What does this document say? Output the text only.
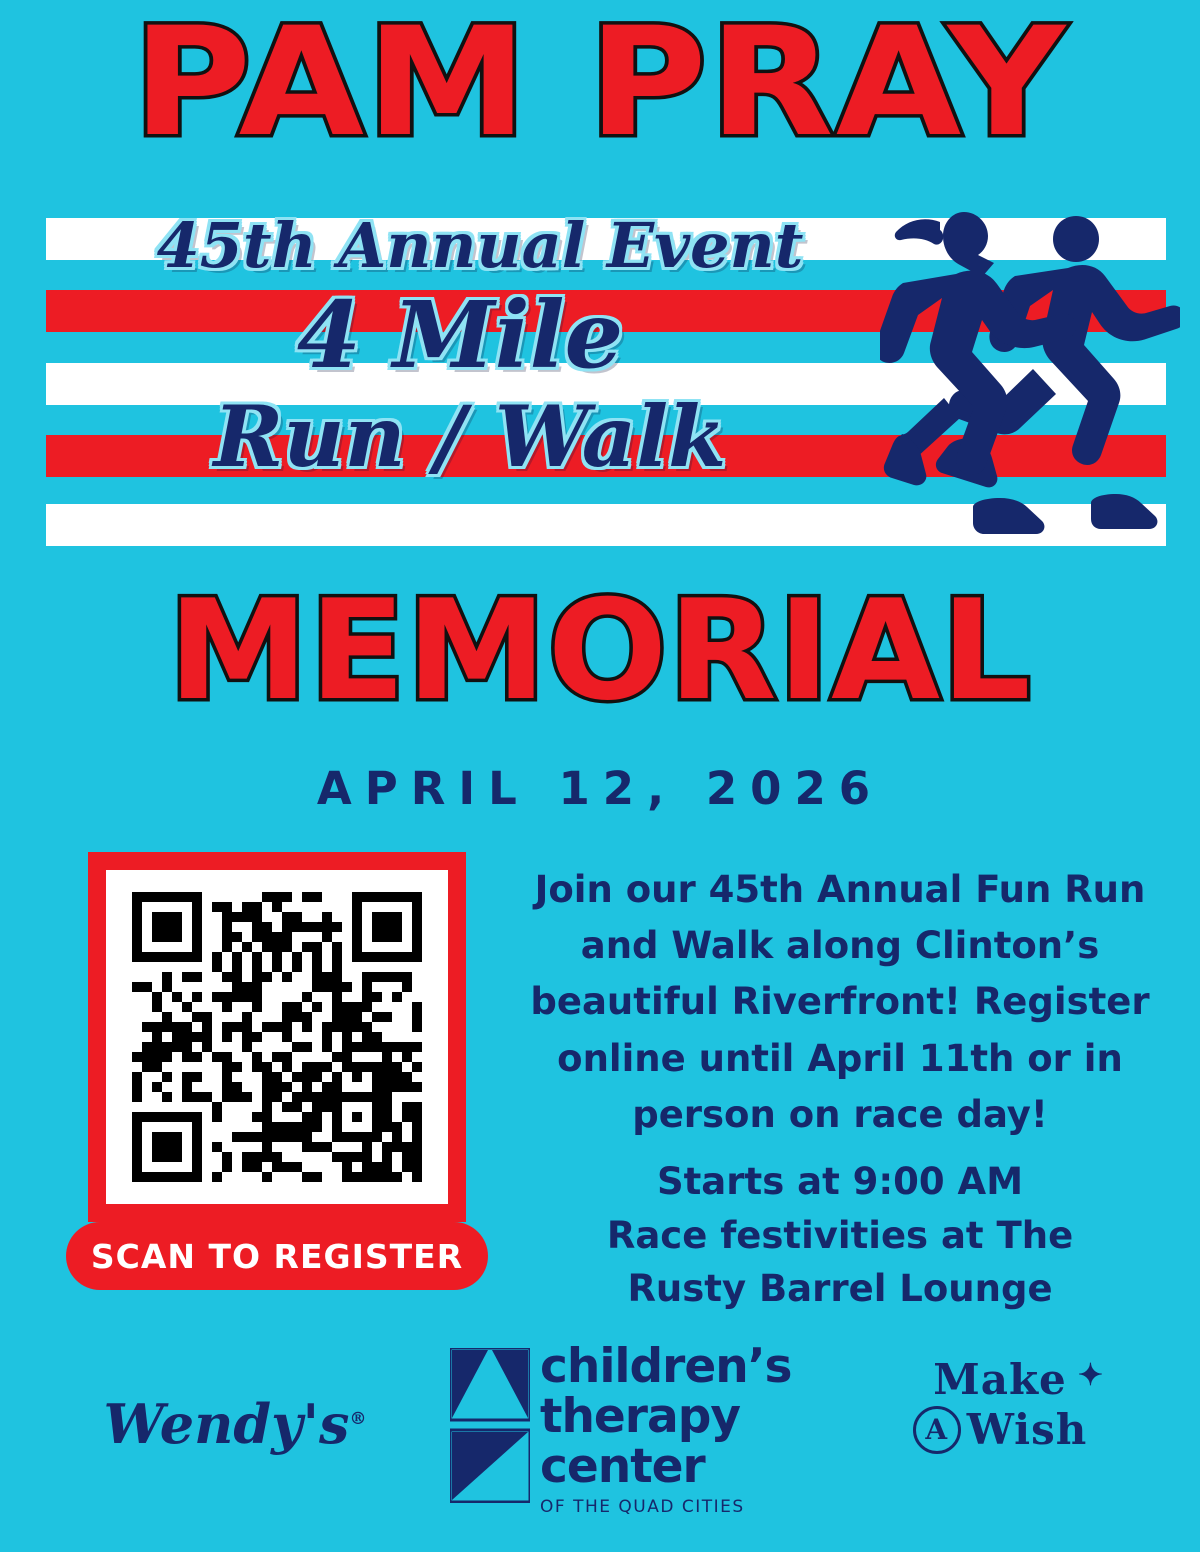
PAM PRAY
45th Annual Event
4 Mile
Run / Walk
MEMORIAL
APRIL 12, 2026
SCAN TO REGISTER

Join our 45th Annual Fun Run and Walk along Clinton’s beautiful Riverfront! Register online until April 11th or in person on race day!

Starts at 9:00 AM

Race festivities at The

Rusty Barrel Lounge

Wendy's®
children’s
therapy
center
OF THE QUAD CITIES
Make ✦
A Wish
